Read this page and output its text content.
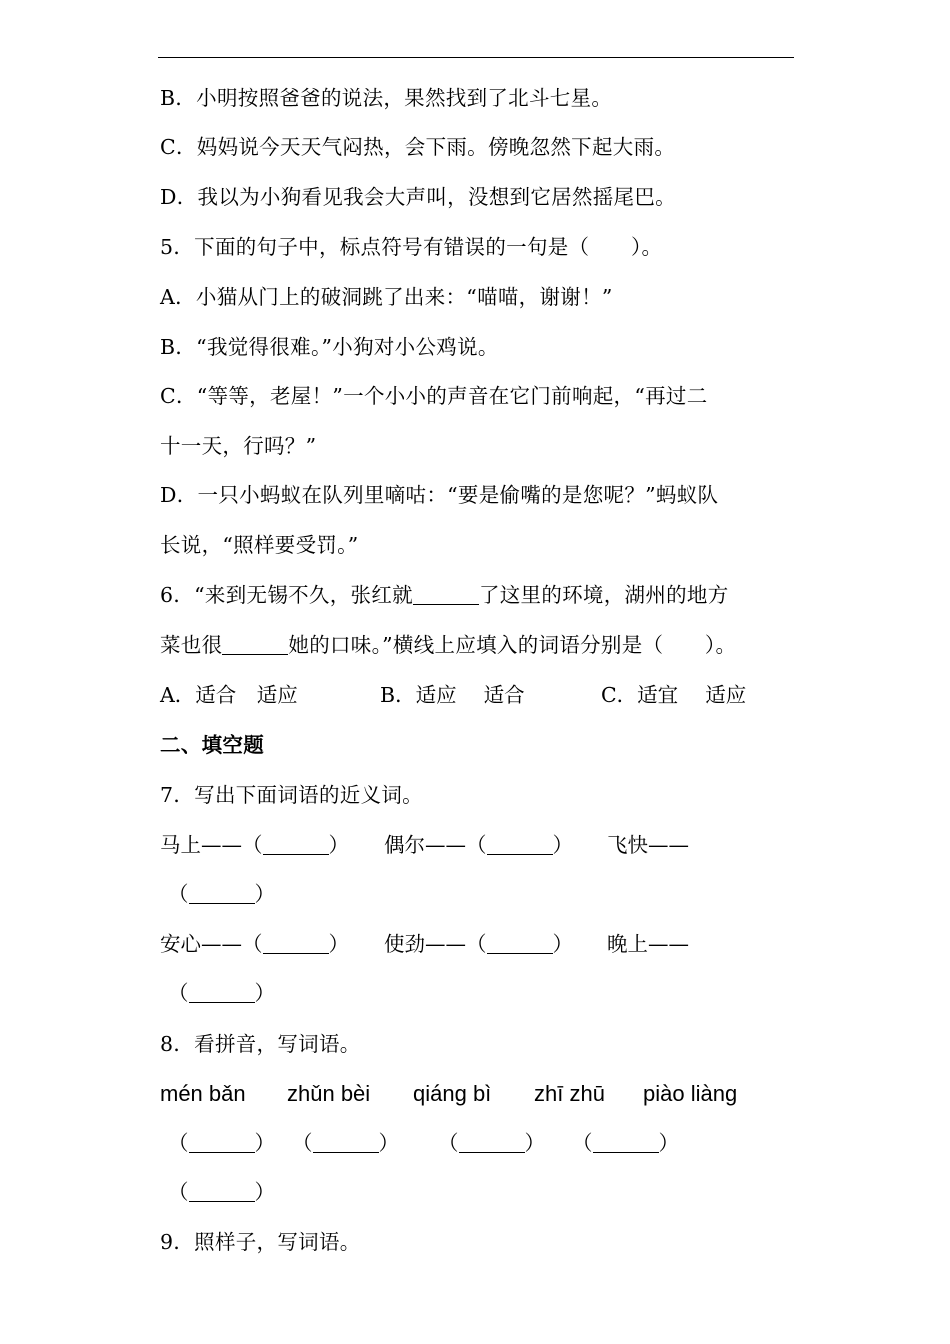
B．小明按照爸爸的说法，果然找到了北斗七星。
C．妈妈说今天天气闷热，会下雨。傍晚忽然下起大雨。
D．我以为小狗看见我会大声叫，没想到它居然摇尾巴。
5．下面的句子中，标点符号有错误的一句是（　　）。
A．小猫从门上的破洞跳了出来：“喵喵，谢谢！”
B．“我觉得很难。”小狗对小公鸡说。
C．“等等，老屋！”一个小小的声音在它门前响起，“再过二
十一天，行吗？”
D．一只小蚂蚁在队列里嘀咕：“要是偷嘴的是您呢？”蚂蚁队
长说，“照样要受罚。”
6．“来到无锡不久，张红就	了这里的环境，湖州的地方
菜也很	她的口味。”横线上应填入的词语分别是（　　）。
A．适合　适应	B．适应　 适合	C．适宜　 适应
二、填空题
7．写出下面词语的近义词。
马上——（	） 偶尔——（	） 飞快——
（	）
安心——（	） 使劲——（	） 晚上——
（	）
8．看拼音，写词语。
mén bǎn zhǔn bèi qiáng bì zhī zhū piào liàng
（	） （	） （	） （	）
（	）
9．照样子，写词语。
